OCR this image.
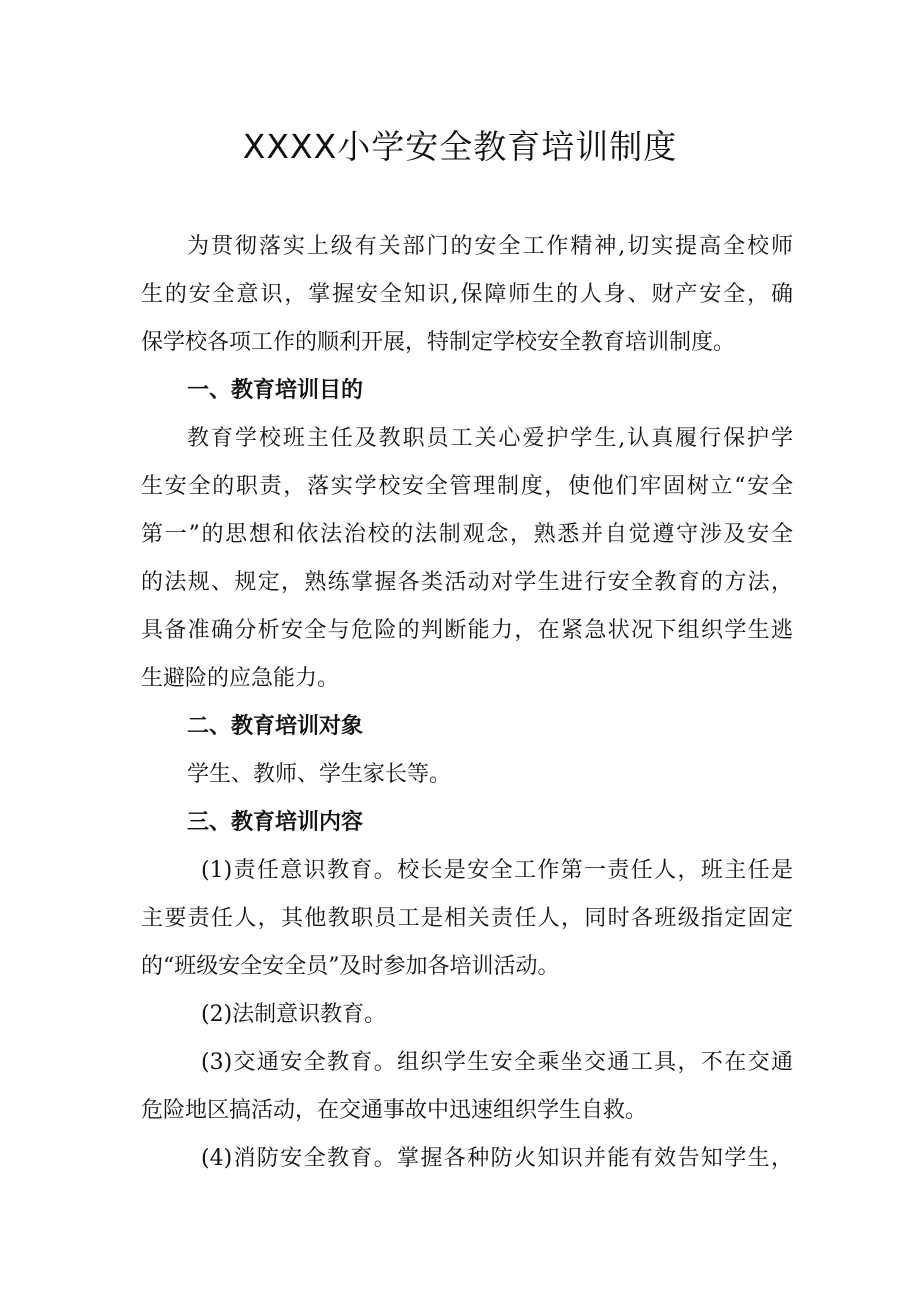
XXXX小学安全教育培训制度
为贯彻落实上级有关部门的安全工作精神,切实提高全校师
生的安全意识，掌握安全知识,保障师生的人身、财产安全，确
保学校各项工作的顺利开展，特制定学校安全教育培训制度。
一、教育培训目的
教育学校班主任及教职员工关心爱护学生,认真履行保护学
生安全的职责，落实学校安全管理制度，使他们牢固树立“安全
第一”的思想和依法治校的法制观念，熟悉并自觉遵守涉及安全
的法规、规定，熟练掌握各类活动对学生进行安全教育的方法，
具备准确分析安全与危险的判断能力，在紧急状况下组织学生逃
生避险的应急能力。
二、教育培训对象
学生、教师、学生家长等。
三、教育培训内容
(1)责任意识教育。校长是安全工作第一责任人，班主任是
主要责任人，其他教职员工是相关责任人，同时各班级指定固定
的“班级安全安全员”及时参加各培训活动。
(2)法制意识教育。
(3)交通安全教育。组织学生安全乘坐交通工具，不在交通
危险地区搞活动，在交通事故中迅速组织学生自救。
(4)消防安全教育。掌握各种防火知识并能有效告知学生，
